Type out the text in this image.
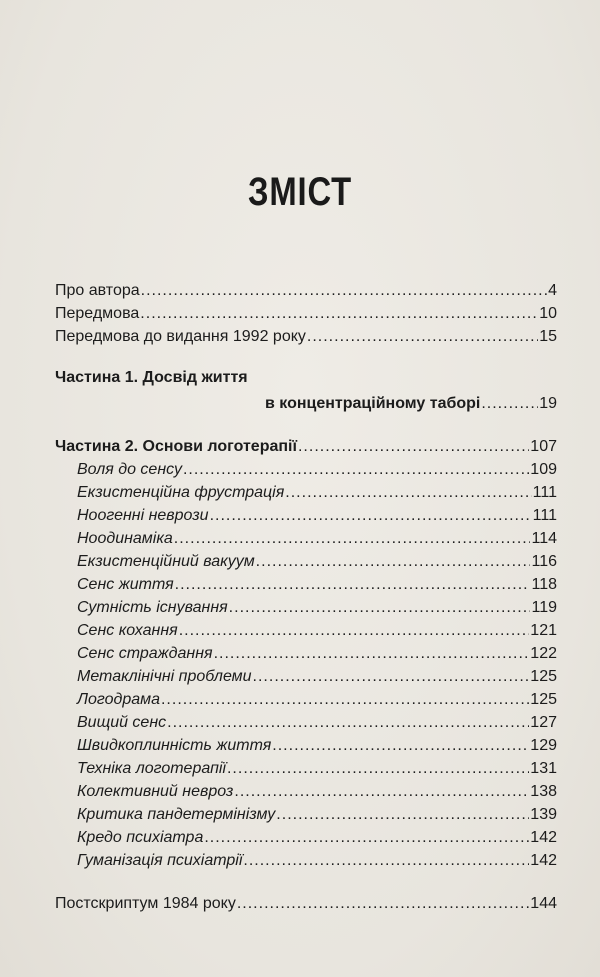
ЗМІСТ
Про автора .....	4
Передмова .....	10
Передмова до видання 1992 року .....	15
Частина 1. Досвід життя
в концентраційному таборі .....	19
Частина 2. Основи логотерапії .....	107
Воля до сенсу .....	109
Екзистенційна фрустрація .....	111
Ноогенні неврози .....	111
Ноодинаміка .....	114
Екзистенційний вакуум .....	116
Сенс життя .....	118
Сутність існування .....	119
Сенс кохання .....	121
Сенс страждання .....	122
Метаклінічні проблеми .....	125
Логодрама .....	125
Вищий сенс .....	127
Швидкоплинність життя .....	129
Техніка логотерапії .....	131
Колективний невроз .....	138
Критика пандетермінізму .....	139
Кредо психіатра .....	142
Гуманізація психіатрії .....	142
Постскриптум 1984 року .....	144
